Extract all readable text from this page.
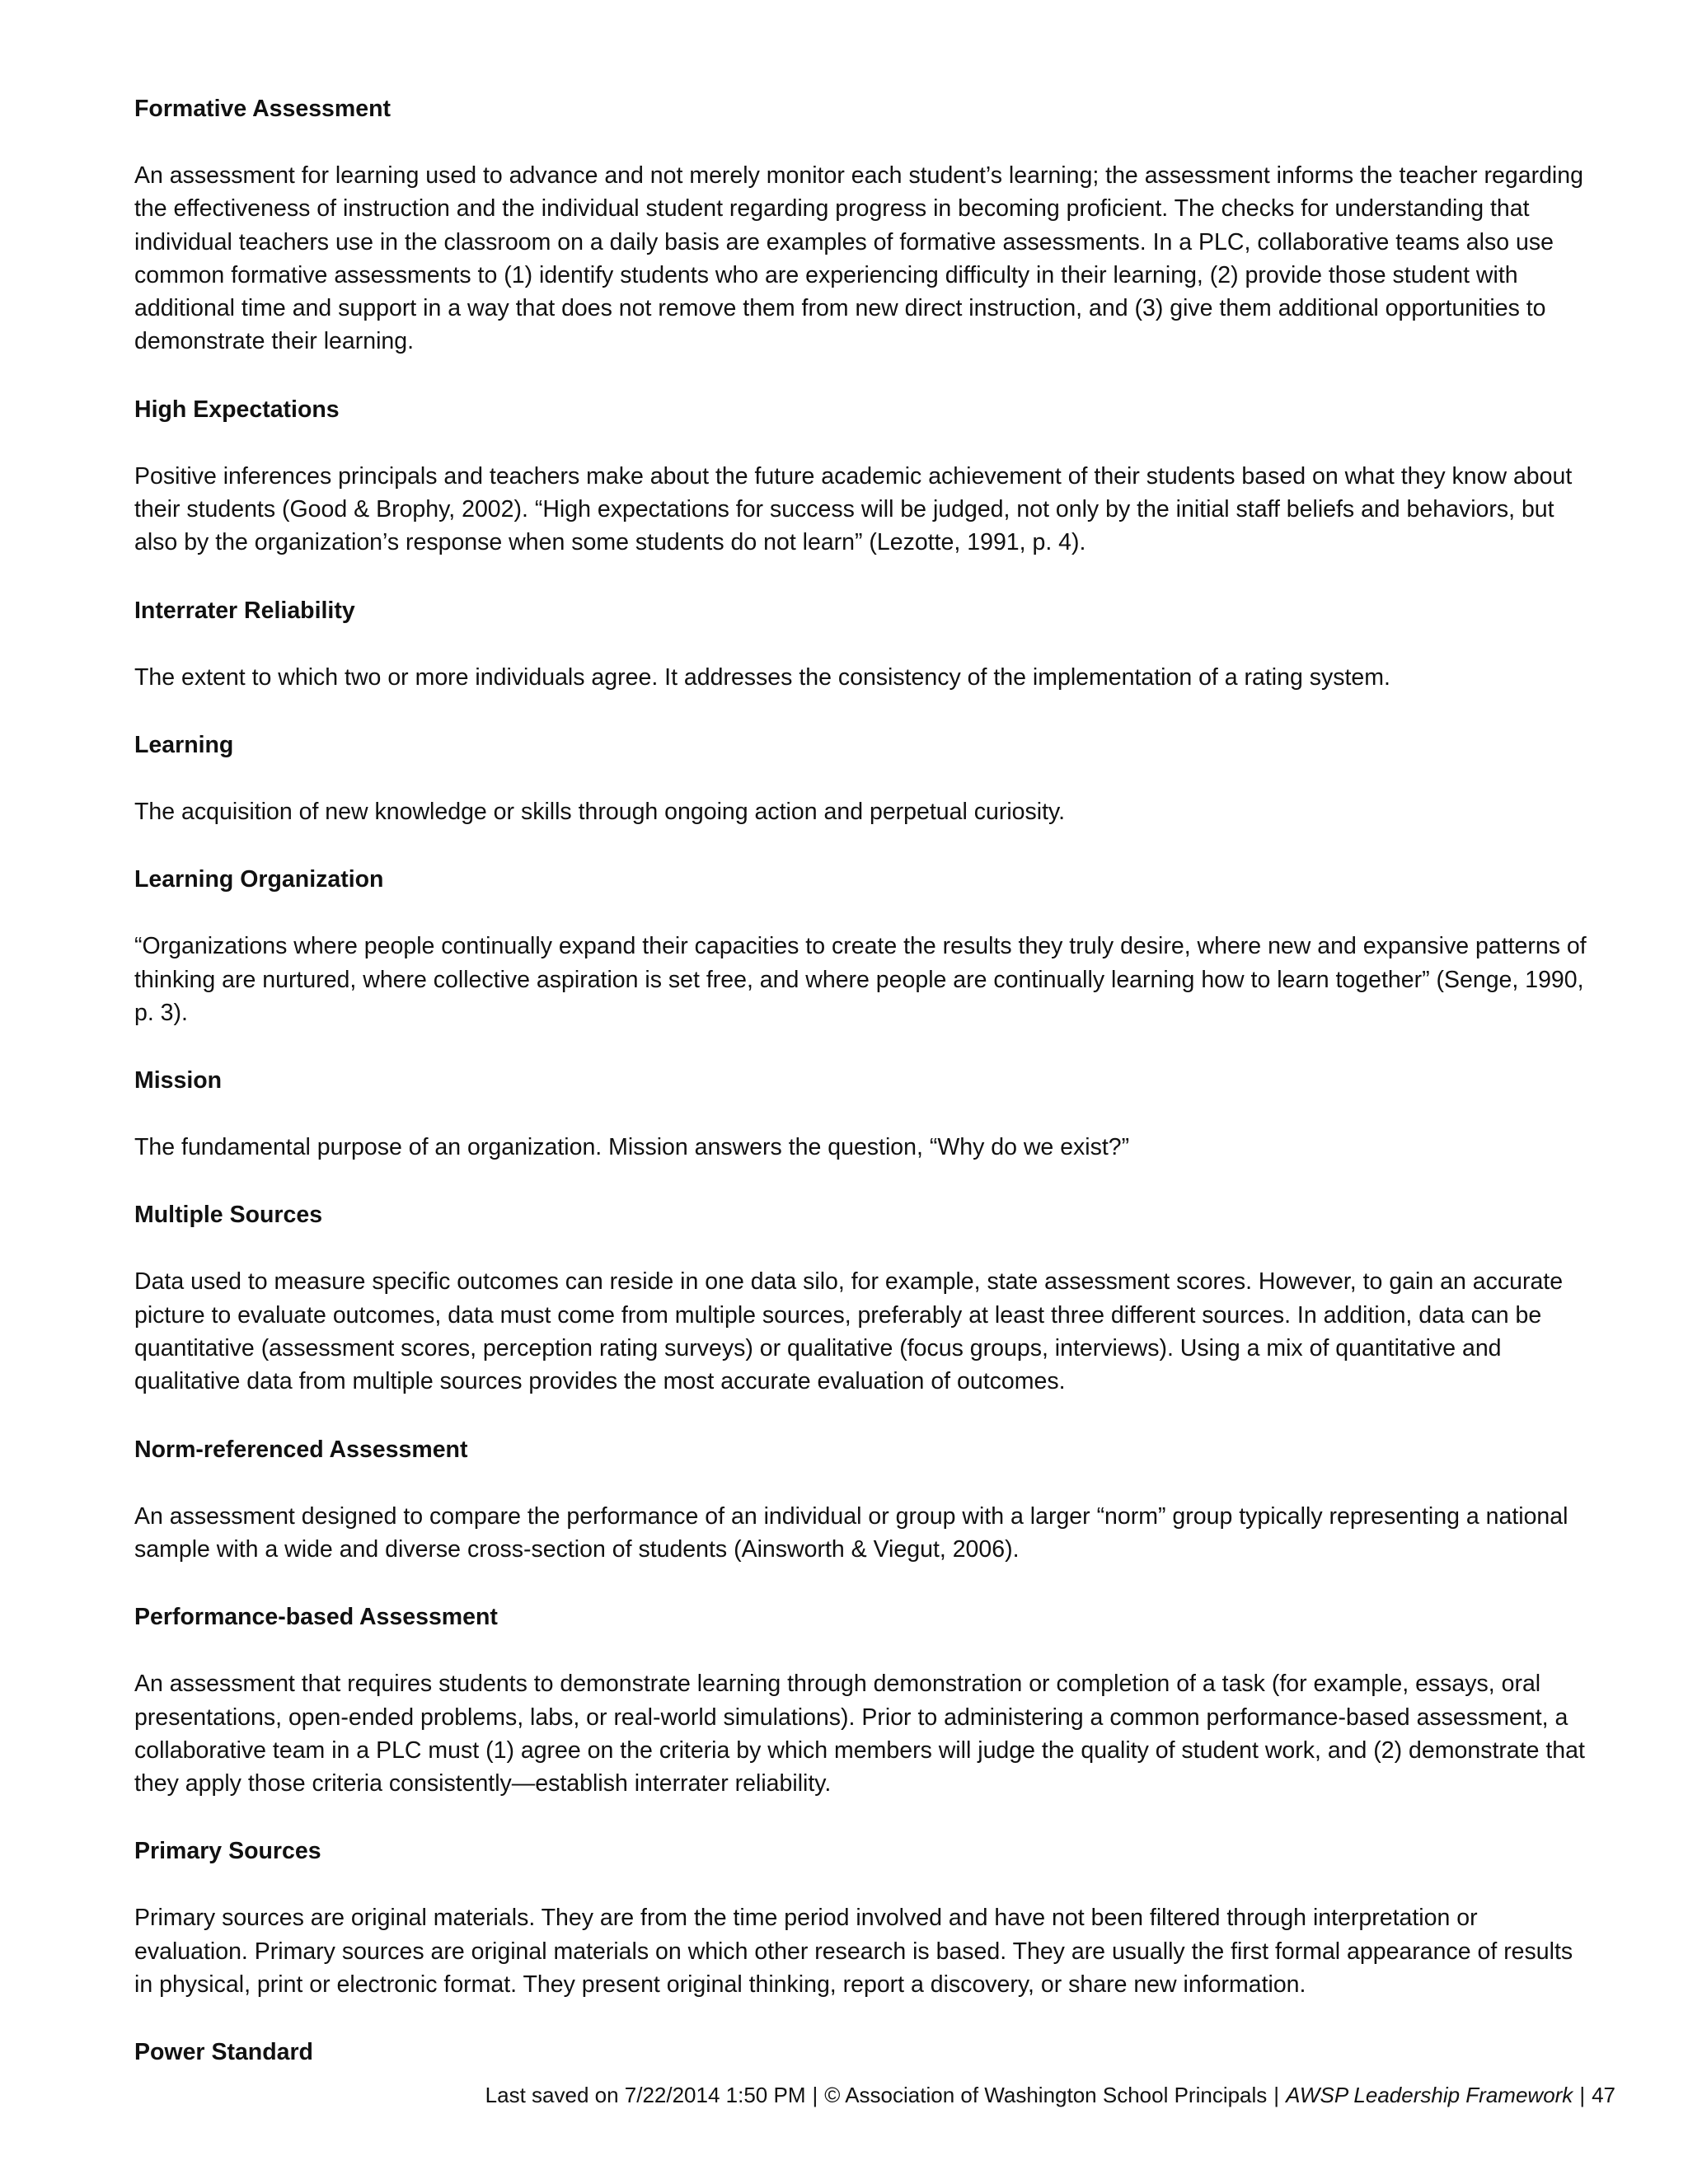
Formative Assessment

An assessment for learning used to advance and not merely monitor each student’s learning; the assessment informs the teacher regarding the effectiveness of instruction and the individual student regarding progress in becoming proficient. The checks for understanding that individual teachers use in the classroom on a daily basis are examples of formative assessments. In a PLC, collaborative teams also use common formative assessments to (1) identify students who are experiencing difficulty in their learning, (2) provide those student with additional time and support in a way that does not remove them from new direct instruction, and (3) give them additional opportunities to demonstrate their learning.

High Expectations

Positive inferences principals and teachers make about the future academic achievement of their students based on what they know about their students (Good & Brophy, 2002). “High expectations for success will be judged, not only by the initial staff beliefs and behaviors, but also by the organization’s response when some students do not learn” (Lezotte, 1991, p. 4).

Interrater Reliability

The extent to which two or more individuals agree. It addresses the consistency of the implementation of a rating system.

Learning

The acquisition of new knowledge or skills through ongoing action and perpetual curiosity.

Learning Organization

“Organizations where people continually expand their capacities to create the results they truly desire, where new and expansive patterns of thinking are nurtured, where collective aspiration is set free, and where people are continually learning how to learn together” (Senge, 1990, p. 3).

Mission

The fundamental purpose of an organization. Mission answers the question, “Why do we exist?”

Multiple Sources

Data used to measure specific outcomes can reside in one data silo, for example, state assessment scores. However, to gain an accurate picture to evaluate outcomes, data must come from multiple sources, preferably at least three different sources. In addition, data can be quantitative (assessment scores, perception rating surveys) or qualitative (focus groups, interviews). Using a mix of quantitative and qualitative data from multiple sources provides the most accurate evaluation of outcomes.

Norm-referenced Assessment

An assessment designed to compare the performance of an individual or group with a larger “norm” group typically representing a national sample with a wide and diverse cross-section of students (Ainsworth & Viegut, 2006).

Performance-based Assessment

An assessment that requires students to demonstrate learning through demonstration or completion of a task (for example, essays, oral presentations, open-ended problems, labs, or real-world simulations). Prior to administering a common performance-based assessment, a collaborative team in a PLC must (1) agree on the criteria by which members will judge the quality of student work, and (2) demonstrate that they apply those criteria consistently—establish interrater reliability.

Primary Sources

Primary sources are original materials. They are from the time period involved and have not been filtered through interpretation or evaluation. Primary sources are original materials on which other research is based. They are usually the first formal appearance of results in physical, print or electronic format. They present original thinking, report a discovery, or share new information.

Power Standard
Last saved on 7/22/2014 1:50 PM | © Association of Washington School Principals | AWSP Leadership Framework | 47
